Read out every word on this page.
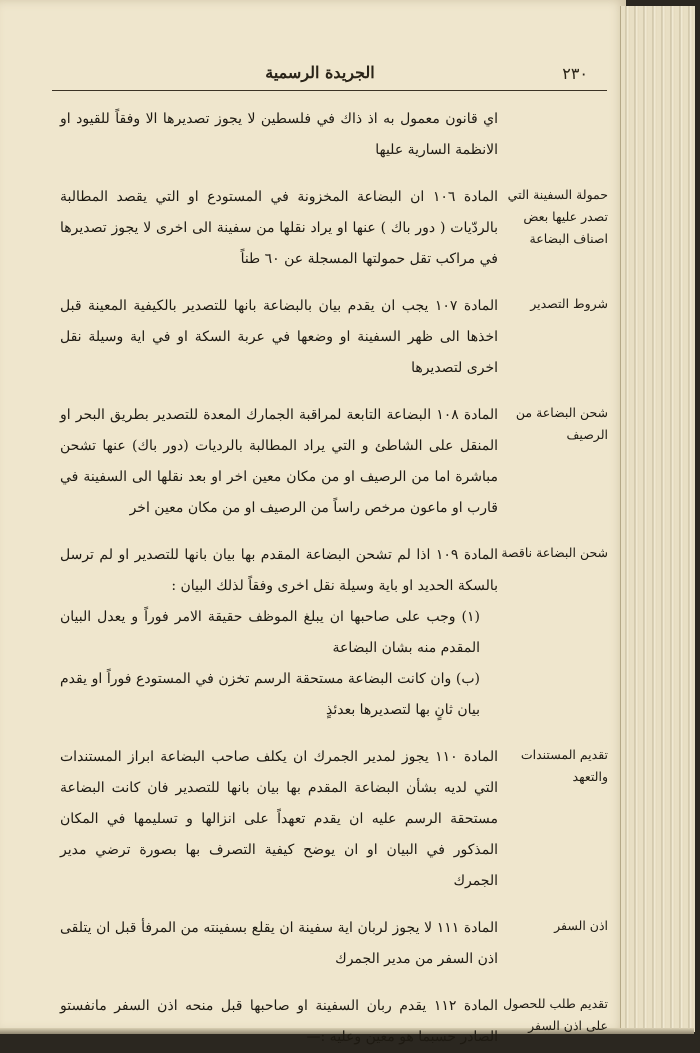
٢٣٠
الجريدة الرسمية
اي قانون معمول به اذ ذاك في فلسطين لا يجوز تصديرها الا وفقاً للقيود او الانظمة السارية عليها
حمولة السفينة التي تصدر عليها بعض اصناف البضاعة
المادة ١٠٦ ان البضاعة المخزونة في المستودع او التي يقصد المطالبة بالردّيات ( دور باك ) عنها او يراد نقلها من سفينة الى اخرى لا يجوز تصديرها في مراكب تقل حمولتها المسجلة عن ٦٠ طناً
شروط التصدير
المادة ١٠٧ يجب ان يقدم بيان بالبضاعة بانها للتصدير بالكيفية المعينة قبل اخذها الى ظهر السفينة او وضعها في عربة السكة او في اية وسيلة نقل اخرى لتصديرها
شحن البضاعة من الرصيف
المادة ١٠٨ البضاعة التابعة لمراقبة الجمارك المعدة للتصدير بطريق البحر او المنقل على الشاطئ و التي يراد المطالبة بالرديات (دور باك) عنها تشحن مباشرة اما من الرصيف او من مكان معين اخر او بعد نقلها الى السفينة في قارب او ماعون مرخص راساً من الرصيف او من مكان معين اخر
شحن البضاعة ناقصة
المادة ١٠٩ اذا لم تشحن البضاعة المقدم بها بيان بانها للتصدير او لم ترسل بالسكة الحديد او باية وسيلة نقل اخرى وفقاً لذلك البيان :
(١) وجب على صاحبها ان يبلغ الموظف حقيقة الامر فوراً و يعدل البيان المقدم منه بشان البضاعة
(ب) وان كانت البضاعة مستحقة الرسم تخزن في المستودع فوراً او يقدم بيان ثانٍ بها لتصديرها بعدئذٍ
تقديم المستندات والتعهد
المادة ١١٠ يجوز لمدير الجمرك ان يكلف صاحب البضاعة ابراز المستندات التي لديه بشأن البضاعة المقدم بها بيان بانها للتصدير فان كانت البضاعة مستحقة الرسم عليه ان يقدم تعهداً على انزالها و تسليمها في المكان المذكور في البيان او ان يوضح كيفية التصرف بها بصورة ترضي مدير الجمرك
اذن السفر
المادة ١١١ لا يجوز لربان اية سفينة ان يقلع بسفينته من المرفأ قبل ان يتلقى اذن السفر من مدير الجمرك
تقديم طلب للحصول على اذن السفر
المادة ١١٢ يقدم ربان السفينة او صاحبها قبل منحه اذن السفر مانفستو الصادر حسبما هو معين وعليه :—
